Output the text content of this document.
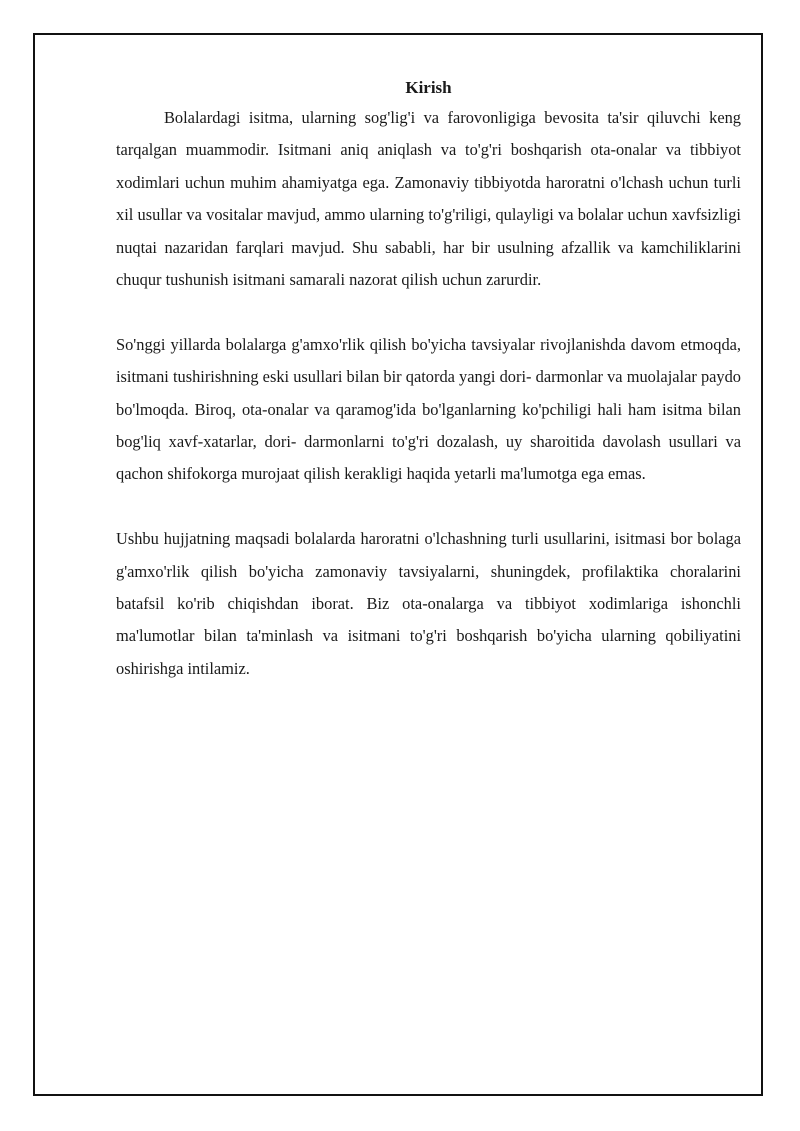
Kirish
Bolalardagi isitma, ularning sog'lig'i va farovonligiga bevosita ta'sir qiluvchi keng tarqalgan muammodir. Isitmani aniq aniqlash va to'g'ri boshqarish ota-onalar va tibbiyot xodimlari uchun muhim ahamiyatga ega. Zamonaviy tibbiyotda haroratni o'lchash uchun turli xil usullar va vositalar mavjud, ammo ularning to'g'riligi, qulayligi va bolalar uchun xavfsizligi nuqtai nazaridan farqlari mavjud. Shu sababli, har bir usulning afzallik va kamchiliklarini chuqur tushunish isitmani samarali nazorat qilish uchun zarurdir.
So'nggi yillarda bolalarga g'amxo'rlik qilish bo'yicha tavsiyalar rivojlanishda davom etmoqda, isitmani tushirishning eski usullari bilan bir qatorda yangi dori- darmonlar va muolajalar paydo bo'lmoqda. Biroq, ota-onalar va qaramog'ida bo'lganlarning ko'pchiligi hali ham isitma bilan bog'liq xavf-xatarlar, dori- darmonlarni to'g'ri dozalash, uy sharoitida davolash usullari va qachon shifokorga murojaat qilish kerakligi haqida yetarli ma'lumotga ega emas.
Ushbu hujjatning maqsadi bolalarda haroratni o'lchashning turli usullarini, isitmasi bor bolaga g'amxo'rlik qilish bo'yicha zamonaviy tavsiyalarni, shuningdek, profilaktika choralarini batafsil ko'rib chiqishdan iborat. Biz ota-onalarga va tibbiyot xodimlariga ishonchli ma'lumotlar bilan ta'minlash va isitmani to'g'ri boshqarish bo'yicha ularning qobiliyatini oshirishga intilamiz.
